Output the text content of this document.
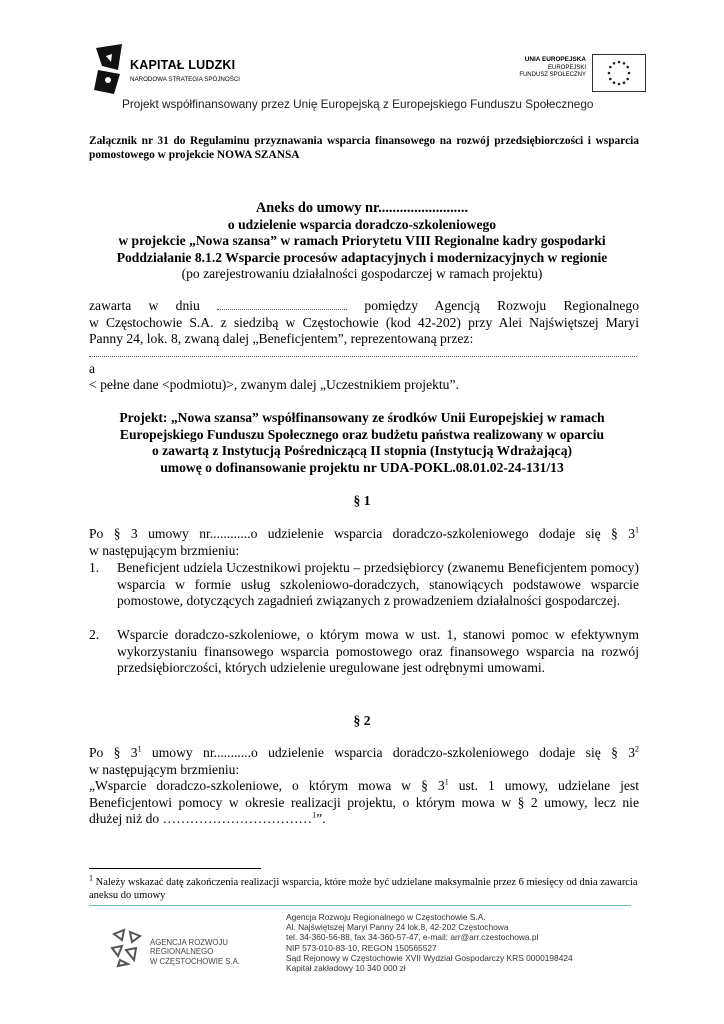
KAPITAŁ LUDZKI
NARODOWA STRATEGIA SPÓJNOŚCI
UNIA EUROPEJSKA
EUROPEJSKI
FUNDUSZ SPOŁECZNY
Projekt współfinansowany przez Unię Europejską z Europejskiego Funduszu Społecznego
Załącznik nr 31 do Regulaminu przyznawania wsparcia finansowego na rozwój przedsiębiorczości i wsparcia pomostowego w projekcie NOWA SZANSA
Aneks do umowy nr.........................
o udzielenie wsparcia doradczo-szkoleniowego
w projekcie „Nowa szansa” w ramach Priorytetu VIII Regionalne kadry gospodarki
Poddziałanie 8.1.2 Wsparcie procesów adaptacyjnych i modernizacyjnych w regionie
(po zarejestrowaniu działalności gospodarczej w ramach projektu)
zawarta w dniu	pomiędzy Agencją Rozwoju Regionalnego
w Częstochowie S.A. z siedzibą w Częstochowie (kod 42-202) przy Alei Najświętszej Maryi
Panny 24, lok. 8, zwaną dalej „Beneficjentem”, reprezentowaną przez:
a
< pełne dane <podmiotu)>, zwanym dalej „Uczestnikiem projektu”.
Projekt: „Nowa szansa” współfinansowany ze środków Unii Europejskiej w ramach
Europejskiego Funduszu Społecznego oraz budżetu państwa realizowany w oparciu
o zawartą z Instytucją Pośredniczącą II stopnia (Instytucją Wdrażającą)
umowę o dofinansowanie projektu nr UDA-POKL.08.01.02-24-131/13
§ 1
Po § 3 umowy nr............o udzielenie wsparcia doradczo-szkoleniowego dodaje się § $3^1$
w następującym brzmieniu:
1. Beneficjent udziela Uczestnikowi projektu – przedsiębiorcy (zwanemu Beneficjentem pomocy) wsparcia w formie usług szkoleniowo-doradczych, stanowiących podstawowe wsparcie pomostowe, dotyczących zagadnień związanych z prowadzeniem działalności gospodarczej.
2. Wsparcie doradczo-szkoleniowe, o którym mowa w ust. 1, stanowi pomoc w efektywnym wykorzystaniu finansowego wsparcia pomostowego oraz finansowego wsparcia na rozwój przedsiębiorczości, których udzielenie uregulowane jest odrębnymi umowami.
§ 2
Po § $3^1$ umowy nr...........o udzielenie wsparcia doradczo-szkoleniowego dodaje się § $3^2$
w następującym brzmieniu:
„Wsparcie doradczo-szkoleniowe, o którym mowa w § $3^1$ ust. 1 umowy, udzielane jest
Beneficjentowi pomocy w okresie realizacji projektu, o którym mowa w § 2 umowy, lecz nie
dłużej niż do ……………………………$^1$”.
$^1$ Należy wskazać datę zakończenia realizacji wsparcia, które może być udzielane maksymalnie przez 6 miesięcy od dnia zawarcia aneksu do umowy
AGENCJA ROZWOJU
REGIONALNEGO
W CZĘSTOCHOWIE S.A.
Agencja Rozwoju Regionalnego w Częstochowie S.A.
Al. Najświętszej Maryi Panny 24 lok.8, 42-202 Częstochowa
tel. 34-360-56-88, fax 34-360-57-47, e-mail: arr@arr.czestochowa.pl
NIP 573-010-83-10, REGON 150565527
Sąd Rejonowy w Częstochowie XVII Wydział Gospodarczy KRS 0000198424
Kapitał zakładowy 10 340 000 zł
